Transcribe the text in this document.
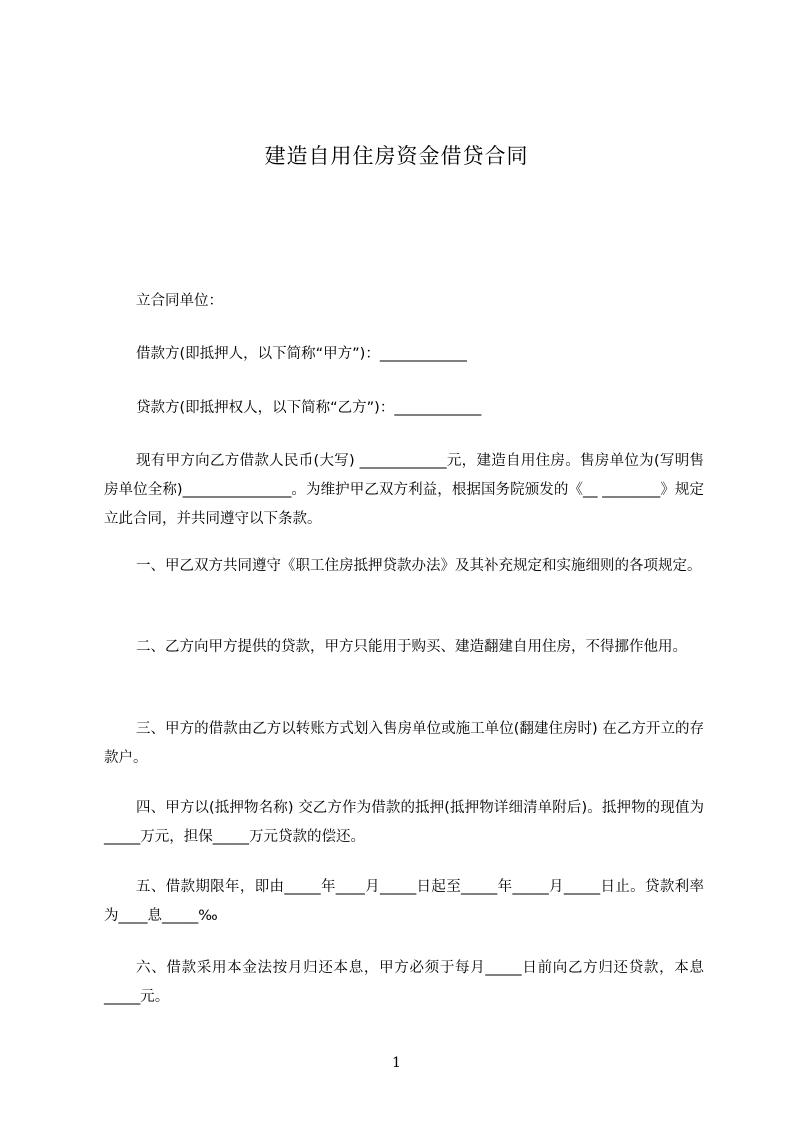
建造自用住房资金借贷合同
立合同单位：
借款方(即抵押人，以下简称“甲方”)：____________
贷款方(即抵押权人，以下简称“乙方”)：____________

现有甲方向乙方借款人民币(大写) ____________元，建造自用住房。售房单位为(写明售房单位全称)_______________。为维护甲乙双方利益，根据国务院颁发的《__ ________》规定立此合同，并共同遵守以下条款。

一、甲乙双方共同遵守《职工住房抵押贷款办法》及其补充规定和实施细则的各项规定。

二、乙方向甲方提供的贷款，甲方只能用于购买、建造翻建自用住房，不得挪作他用。

三、甲方的借款由乙方以转账方式划入售房单位或施工单位(翻建住房时) 在乙方开立的存款户。

四、甲方以(抵押物名称) 交乙方作为借款的抵押(抵押物详细清单附后)。抵押物的现值为_____万元，担保_____万元贷款的偿还。

五、借款期限年，即由_____年____月_____日起至_____年_____月_____日止。贷款利率为____息_____‰

六、借款采用本金法按月归还本息，甲方必须于每月_____日前向乙方归还贷款，本息_____元。

1
